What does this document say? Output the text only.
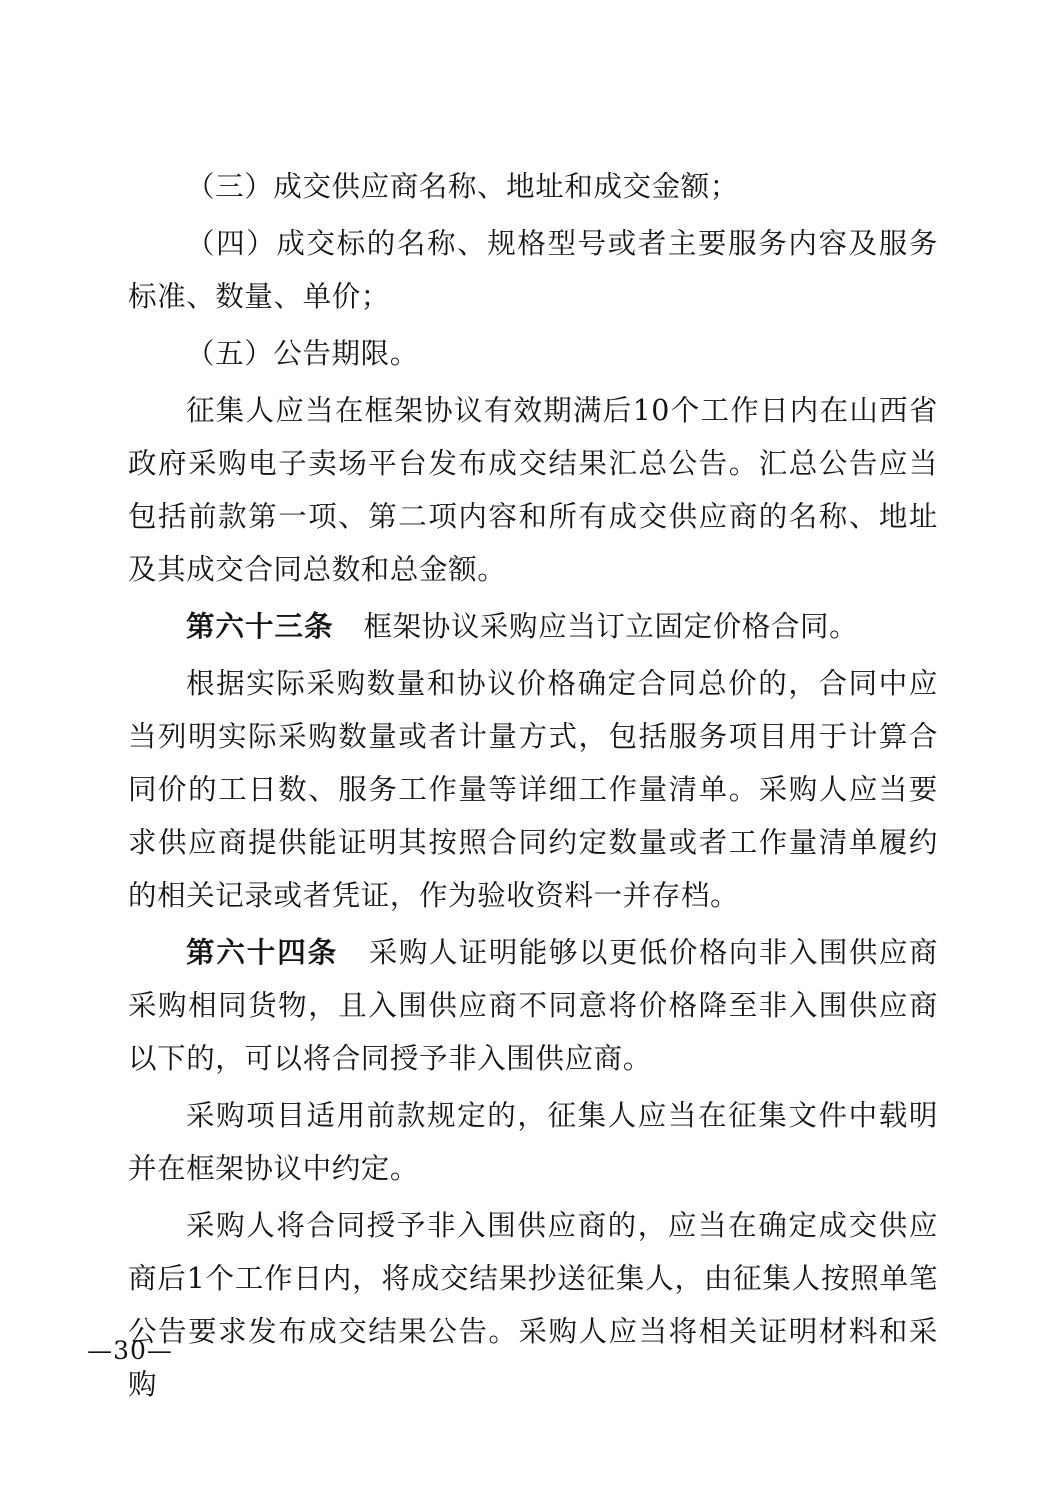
（三）成交供应商名称、地址和成交金额；

（四）成交标的名称、规格型号或者主要服务内容及服务标准、数量、单价；

（五）公告期限。

征集人应当在框架协议有效期满后10个工作日内在山西省政府采购电子卖场平台发布成交结果汇总公告。汇总公告应当包括前款第一项、第二项内容和所有成交供应商的名称、地址及其成交合同总数和总金额。

第六十三条 框架协议采购应当订立固定价格合同。

根据实际采购数量和协议价格确定合同总价的，合同中应当列明实际采购数量或者计量方式，包括服务项目用于计算合同价的工日数、服务工作量等详细工作量清单。采购人应当要求供应商提供能证明其按照合同约定数量或者工作量清单履约的相关记录或者凭证，作为验收资料一并存档。

第六十四条 采购人证明能够以更低价格向非入围供应商采购相同货物，且入围供应商不同意将价格降至非入围供应商以下的，可以将合同授予非入围供应商。

采购项目适用前款规定的，征集人应当在征集文件中载明并在框架协议中约定。

采购人将合同授予非入围供应商的，应当在确定成交供应商后1个工作日内，将成交结果抄送征集人，由征集人按照单笔公告要求发布成交结果公告。采购人应当将相关证明材料和采购

—30—
